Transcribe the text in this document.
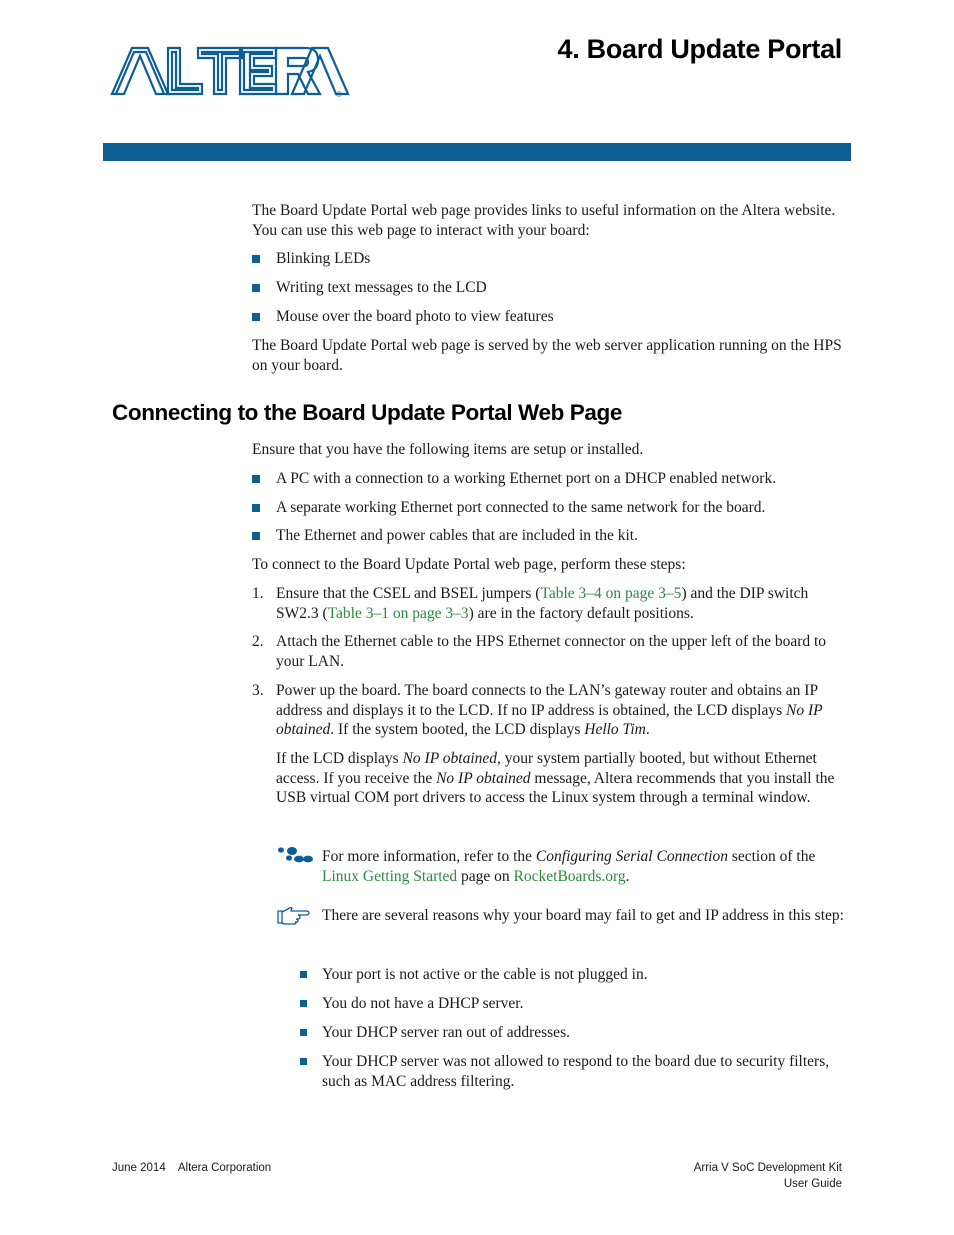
®
4. Board Update Portal

The Board Update Portal web page provides links to useful information on the Altera website. You can use this web page to interact with your board:

Blinking LEDs
Writing text messages to the LCD
Mouse over the board photo to view features

The Board Update Portal web page is served by the web server application running on the HPS on your board.

Connecting to the Board Update Portal Web Page

Ensure that you have the following items are setup or installed.

A PC with a connection to a working Ethernet port on a DHCP enabled network.
A separate working Ethernet port connected to the same network for the board.
The Ethernet and power cables that are included in the kit.

To connect to the Board Update Portal web page, perform these steps:

1. Ensure that the CSEL and BSEL jumpers (Table 3–4 on page 3–5) and the DIP switch SW2.3 (Table 3–1 on page 3–3) are in the factory default positions.
2. Attach the Ethernet cable to the HPS Ethernet connector on the upper left of the board to your LAN.
3. Power up the board. The board connects to the LAN’s gateway router and obtains an IP address and displays it to the LCD. If no IP address is obtained, the LCD displays No IP obtained. If the system booted, the LCD displays Hello Tim.
If the LCD displays No IP obtained, your system partially booted, but without Ethernet access. If you receive the No IP obtained message, Altera recommends that you install the USB virtual COM port drivers to access the Linux system through a terminal window.
For more information, refer to the Configuring Serial Connection section of the Linux Getting Started page on RocketBoards.org.
There are several reasons why your board may fail to get and IP address in this step:
Your port is not active or the cable is not plugged in.
You do not have a DHCP server.
Your DHCP server ran out of addresses.
Your DHCP server was not allowed to respond to the board due to security filters, such as MAC address filtering.
June 2014    Altera Corporation	Arria V SoC Development Kit
User Guide
